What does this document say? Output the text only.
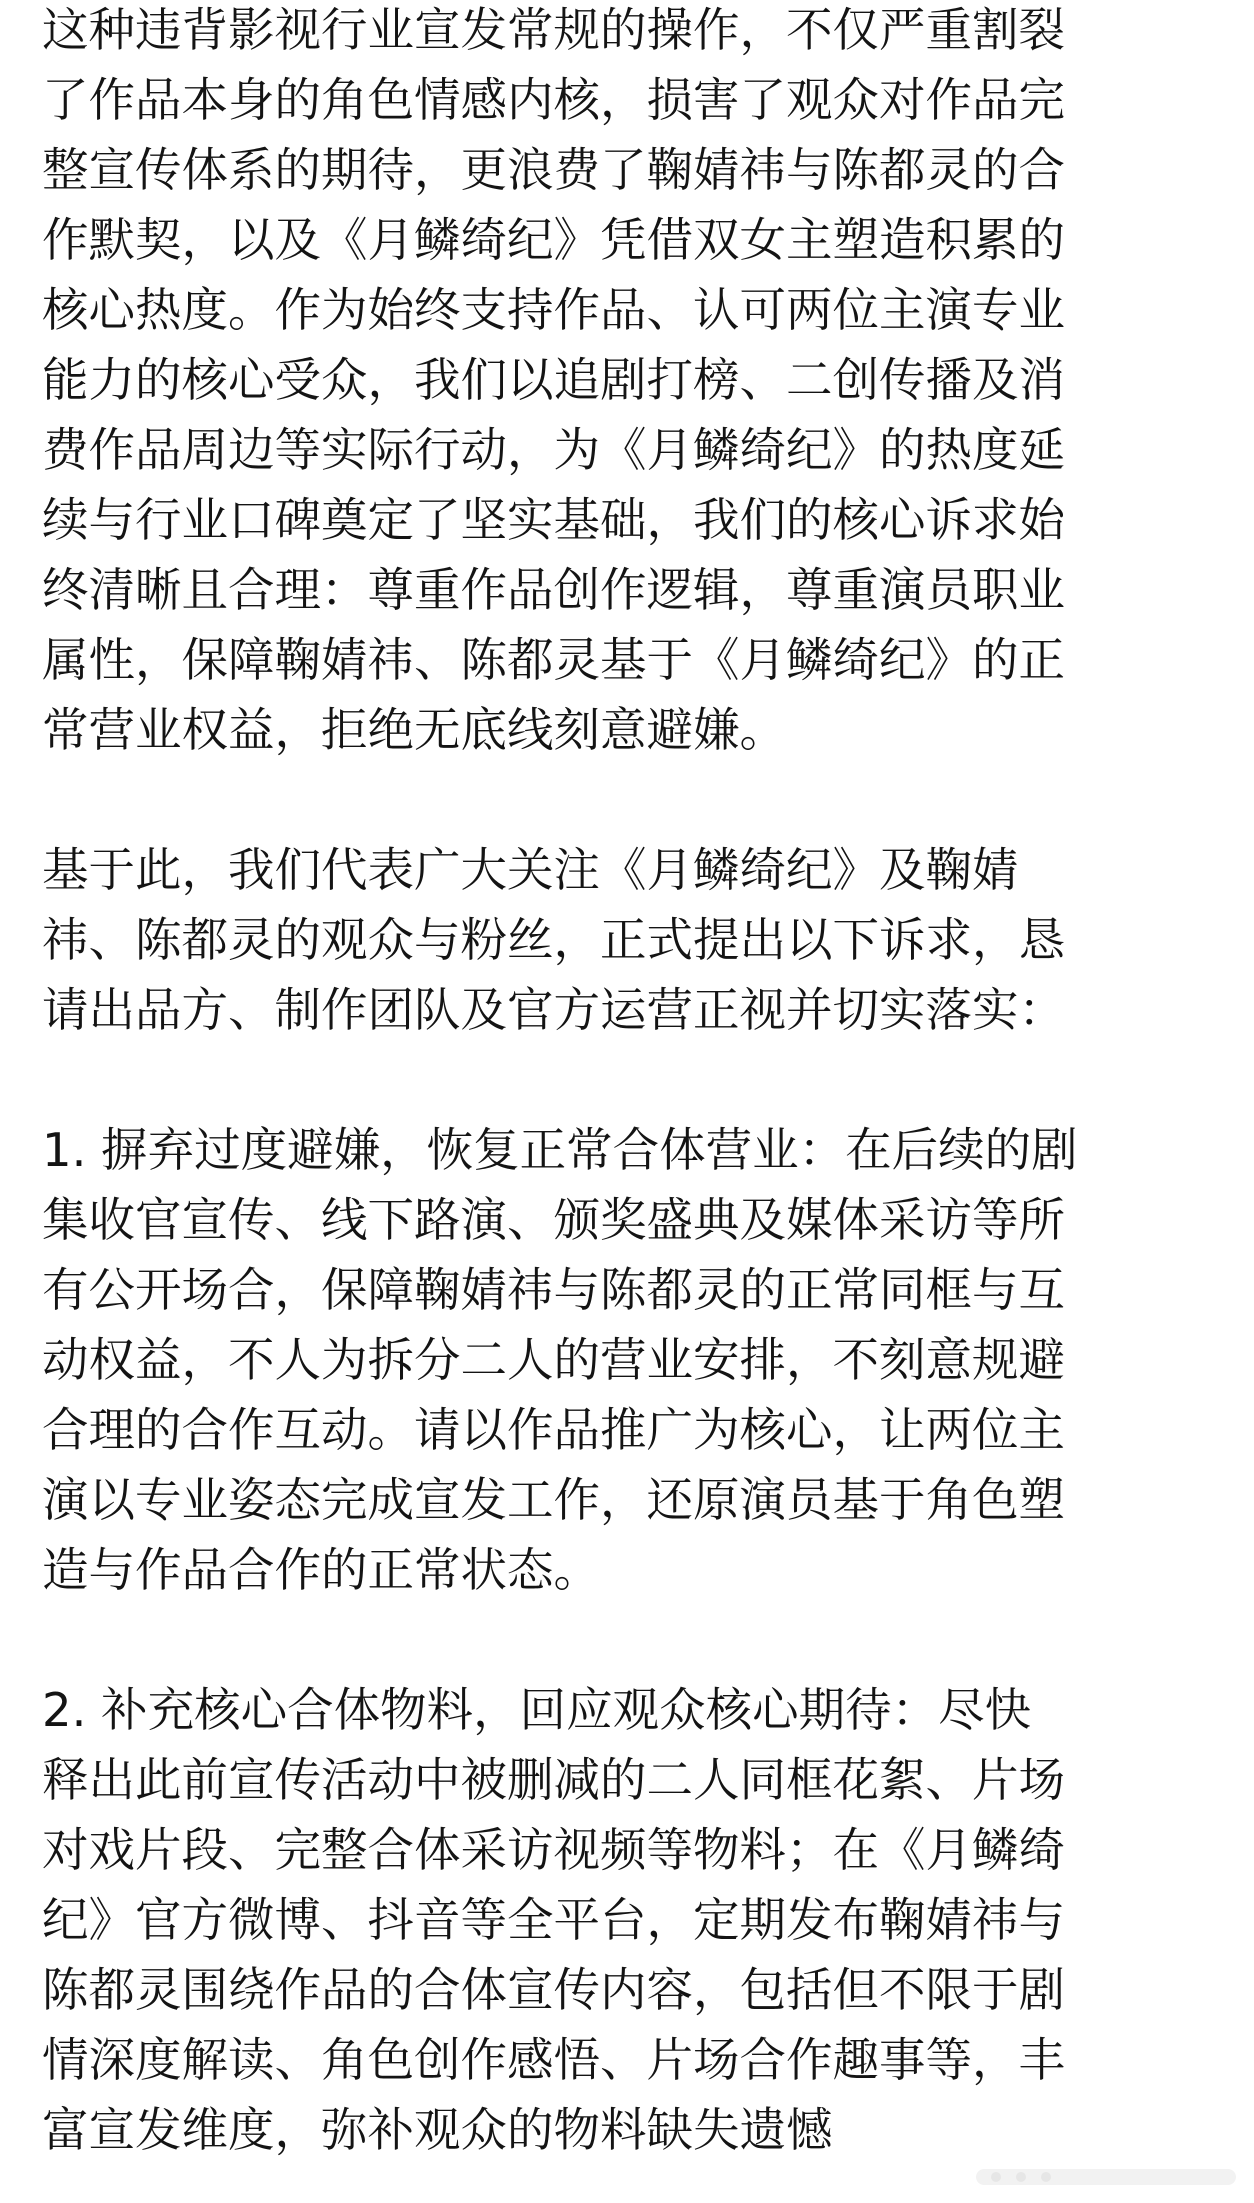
这种违背影视行业宣发常规的操作，不仅严重割裂
了作品本身的角色情感内核，损害了观众对作品完
整宣传体系的期待，更浪费了鞠婧祎与陈都灵的合
作默契，以及《月鳞绮纪》凭借双女主塑造积累的
核心热度。作为始终支持作品、认可两位主演专业
能力的核心受众，我们以追剧打榜、二创传播及消
费作品周边等实际行动，为《月鳞绮纪》的热度延
续与行业口碑奠定了坚实基础，我们的核心诉求始
终清晰且合理：尊重作品创作逻辑，尊重演员职业
属性，保障鞠婧祎、陈都灵基于《月鳞绮纪》的正
常营业权益，拒绝无底线刻意避嫌。
基于此，我们代表广大关注《月鳞绮纪》及鞠婧
祎、陈都灵的观众与粉丝，正式提出以下诉求，恳
请出品方、制作团队及官方运营正视并切实落实：
1. 摒弃过度避嫌，恢复正常合体营业：在后续的剧
集收官宣传、线下路演、颁奖盛典及媒体采访等所
有公开场合，保障鞠婧祎与陈都灵的正常同框与互
动权益，不人为拆分二人的营业安排，不刻意规避
合理的合作互动。请以作品推广为核心，让两位主
演以专业姿态完成宣发工作，还原演员基于角色塑
造与作品合作的正常状态。
2. 补充核心合体物料，回应观众核心期待：尽快
释出此前宣传活动中被删减的二人同框花絮、片场
对戏片段、完整合体采访视频等物料；在《月鳞绮
纪》官方微博、抖音等全平台，定期发布鞠婧祎与
陈都灵围绕作品的合体宣传内容，包括但不限于剧
情深度解读、角色创作感悟、片场合作趣事等，丰
富宣发维度，弥补观众的物料缺失遗憾
